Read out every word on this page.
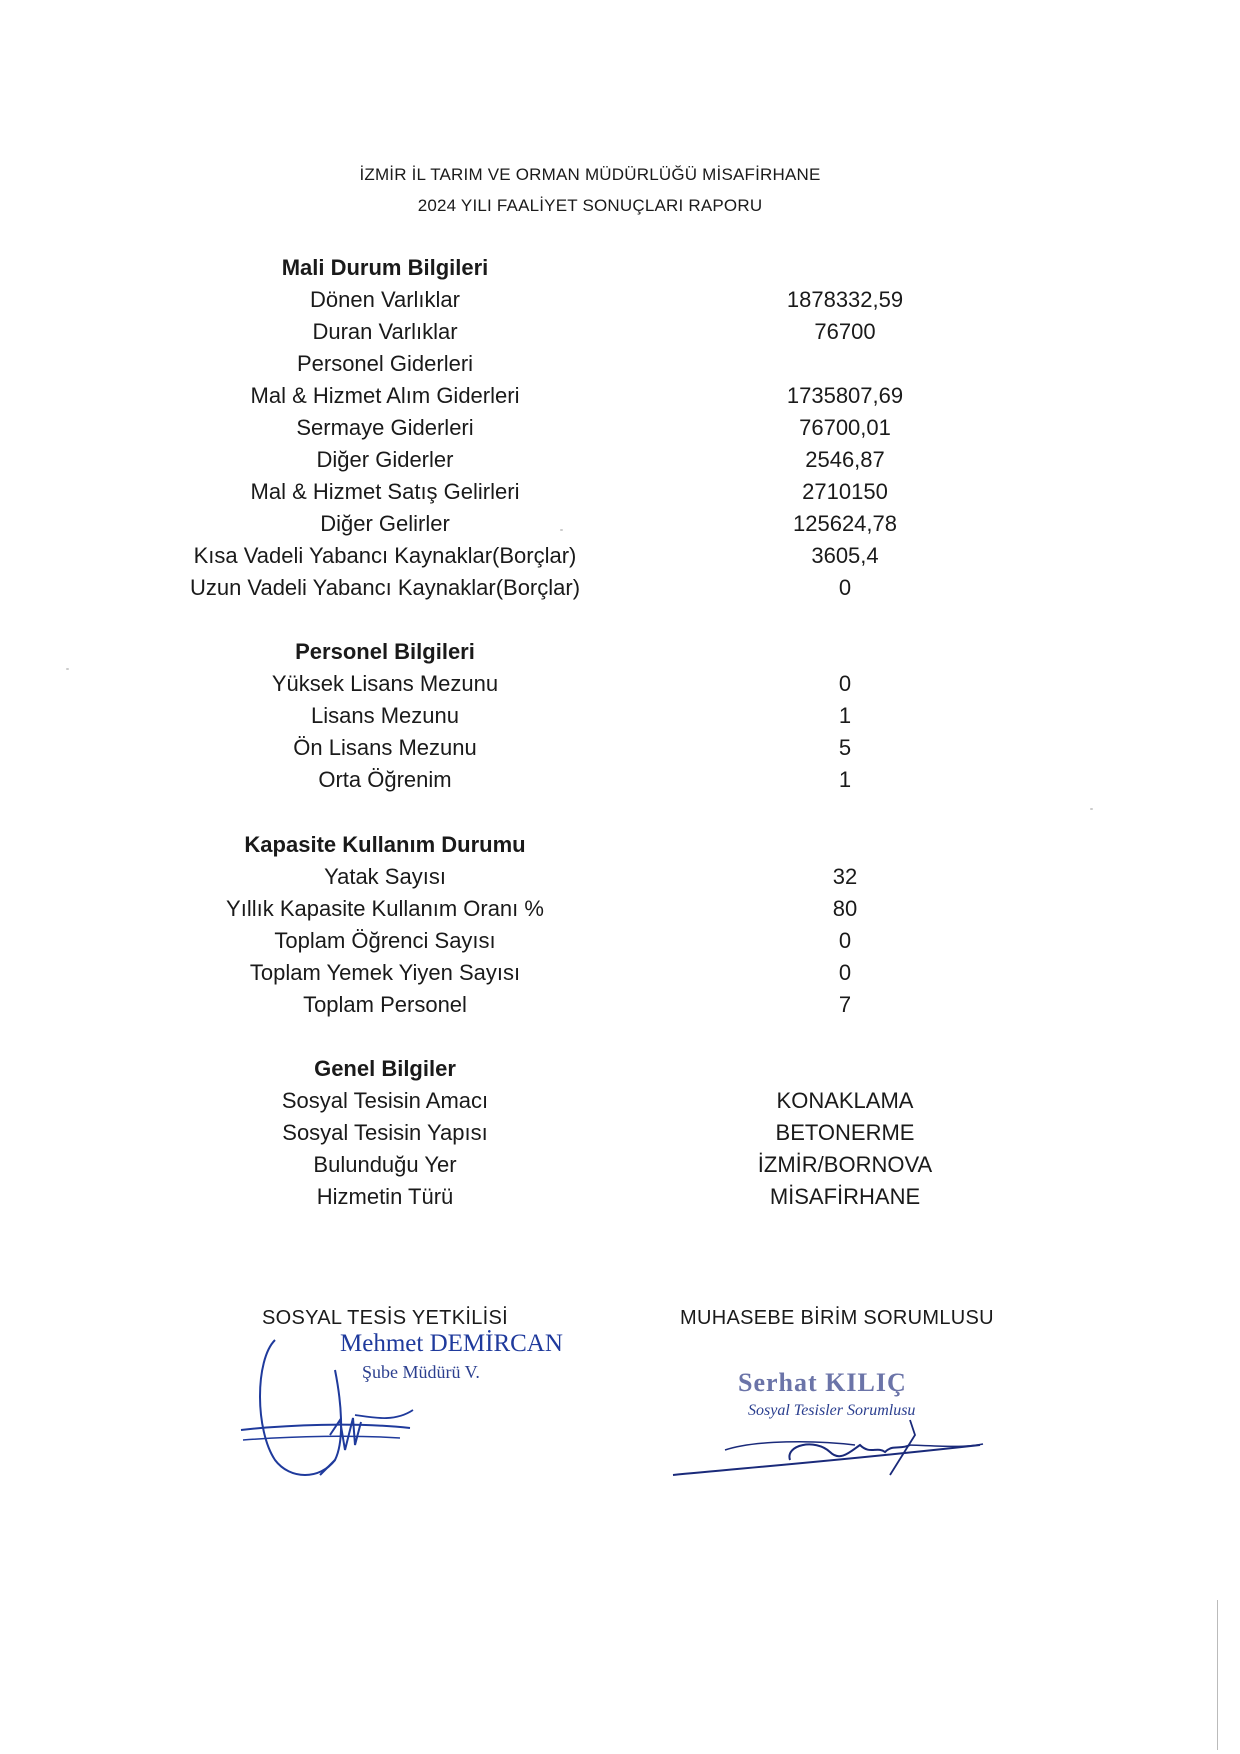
İZMİR İL TARIM VE ORMAN MÜDÜRLÜĞÜ MİSAFİRHANE
2024 YILI FAALİYET SONUÇLARI RAPORU
Mali Durum Bilgileri
Dönen Varlıklar	1878332,59
Duran Varlıklar	76700
Personel Giderleri
Mal & Hizmet Alım Giderleri	1735807,69
Sermaye Giderleri	76700,01
Diğer Giderler	2546,87
Mal & Hizmet Satış Gelirleri	2710150
Diğer Gelirler	125624,78
Kısa Vadeli Yabancı Kaynaklar(Borçlar)	3605,4
Uzun Vadeli Yabancı Kaynaklar(Borçlar)	0
Personel Bilgileri
Yüksek Lisans Mezunu	0
Lisans Mezunu	1
Ön Lisans Mezunu	5
Orta Öğrenim	1
Kapasite Kullanım Durumu
Yatak Sayısı	32
Yıllık Kapasite Kullanım Oranı %	80
Toplam Öğrenci Sayısı	0
Toplam Yemek Yiyen Sayısı	0
Toplam Personel	7
Genel Bilgiler
Sosyal Tesisin Amacı	KONAKLAMA
Sosyal Tesisin Yapısı	BETONERME
Bulunduğu Yer	İZMİR/BORNOVA
Hizmetin Türü	MİSAFİRHANE
SOSYAL TESİS YETKİLİSİ
Mehmet DEMİRCAN
Şube Müdürü V.
MUHASEBE BİRİM SORUMLUSU
Serhat KILIÇ
Sosyal Tesisler Sorumlusu
